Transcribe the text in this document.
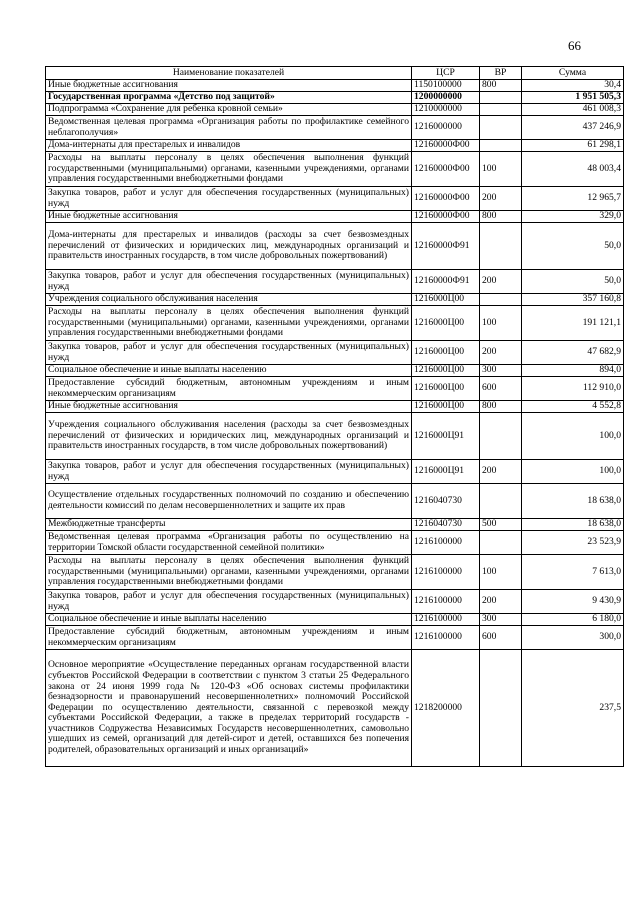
66
Наименование показателей	ЦСР	ВР	Сумма
Иные бюджетные ассигнования	1150100000	800	30,4
Государственная программа «Детство под защитой»	1200000000		1 951 505,3
Подпрограмма «Сохранение для ребенка кровной семьи»	1210000000		461 008,3
Ведомственная целевая программа «Организация работы по профилактике семейного неблагополучия»	1216000000		437 246,9
Дома-интернаты для престарелых и инвалидов	12160000Ф00		61 298,1
Расходы на выплаты персоналу в целях обеспечения выполнения функций государственными (муниципальными) органами, казенными учреждениями, органами управления государственными внебюджетными фондами	12160000Ф00	100	48 003,4
Закупка товаров, работ и услуг для обеспечения государственных (муниципальных) нужд	12160000Ф00	200	12 965,7
Иные бюджетные ассигнования	12160000Ф00	800	329,0
Дома-интернаты для престарелых и инвалидов (расходы за счет безвозмездных перечислений от физических и юридических лиц, международных организаций и правительств иностранных государств, в том числе добровольных пожертвований)	12160000Ф91		50,0
Закупка товаров, работ и услуг для обеспечения государственных (муниципальных) нужд	12160000Ф91	200	50,0
Учреждения социального обслуживания населения	1216000Ц00		357 160,8
Расходы на выплаты персоналу в целях обеспечения выполнения функций государственными (муниципальными) органами, казенными учреждениями, органами управления государственными внебюджетными фондами	1216000Ц00	100	191 121,1
Закупка товаров, работ и услуг для обеспечения государственных (муниципальных) нужд	1216000Ц00	200	47 682,9
Социальное обеспечение и иные выплаты населению	1216000Ц00	300	894,0
Предоставление субсидий бюджетным, автономным учреждениям и иным некоммерческим организациям	1216000Ц00	600	112 910,0
Иные бюджетные ассигнования	1216000Ц00	800	4 552,8
Учреждения социального обслуживания населения (расходы за счет безвозмездных перечислений от физических и юридических лиц, международных организаций и правительств иностранных государств, в том числе добровольных пожертвований)	1216000Ц91		100,0
Закупка товаров, работ и услуг для обеспечения государственных (муниципальных) нужд	1216000Ц91	200	100,0
Осуществление отдельных государственных полномочий по созданию и обеспечению деятельности комиссий по делам несовершеннолетних и защите их прав	1216040730		18 638,0
Межбюджетные трансферты	1216040730	500	18 638,0
Ведомственная целевая программа «Организация работы по осуществлению на территории Томской области государственной семейной политики»	1216100000		23 523,9
Расходы на выплаты персоналу в целях обеспечения выполнения функций государственными (муниципальными) органами, казенными учреждениями, органами управления государственными внебюджетными фондами	1216100000	100	7 613,0
Закупка товаров, работ и услуг для обеспечения государственных (муниципальных) нужд	1216100000	200	9 430,9
Социальное обеспечение и иные выплаты населению	1216100000	300	6 180,0
Предоставление субсидий бюджетным, автономным учреждениям и иным некоммерческим организациям	1216100000	600	300,0
Основное мероприятие «Осуществление переданных органам государственной власти субъектов Российской Федерации в соответствии с пунктом 3 статьи 25 Федерального закона от 24 июня 1999 года № 120-ФЗ «Об основах системы профилактики безнадзорности и правонарушений несовершеннолетних» полномочий Российской Федерации по осуществлению деятельности, связанной с перевозкой между субъектами Российской Федерации, а также в пределах территорий государств - участников Содружества Независимых Государств несовершеннолетних, самовольно ушедших из семей, организаций для детей-сирот и детей, оставшихся без попечения родителей, образовательных организаций и иных организаций»	1218200000		237,5
